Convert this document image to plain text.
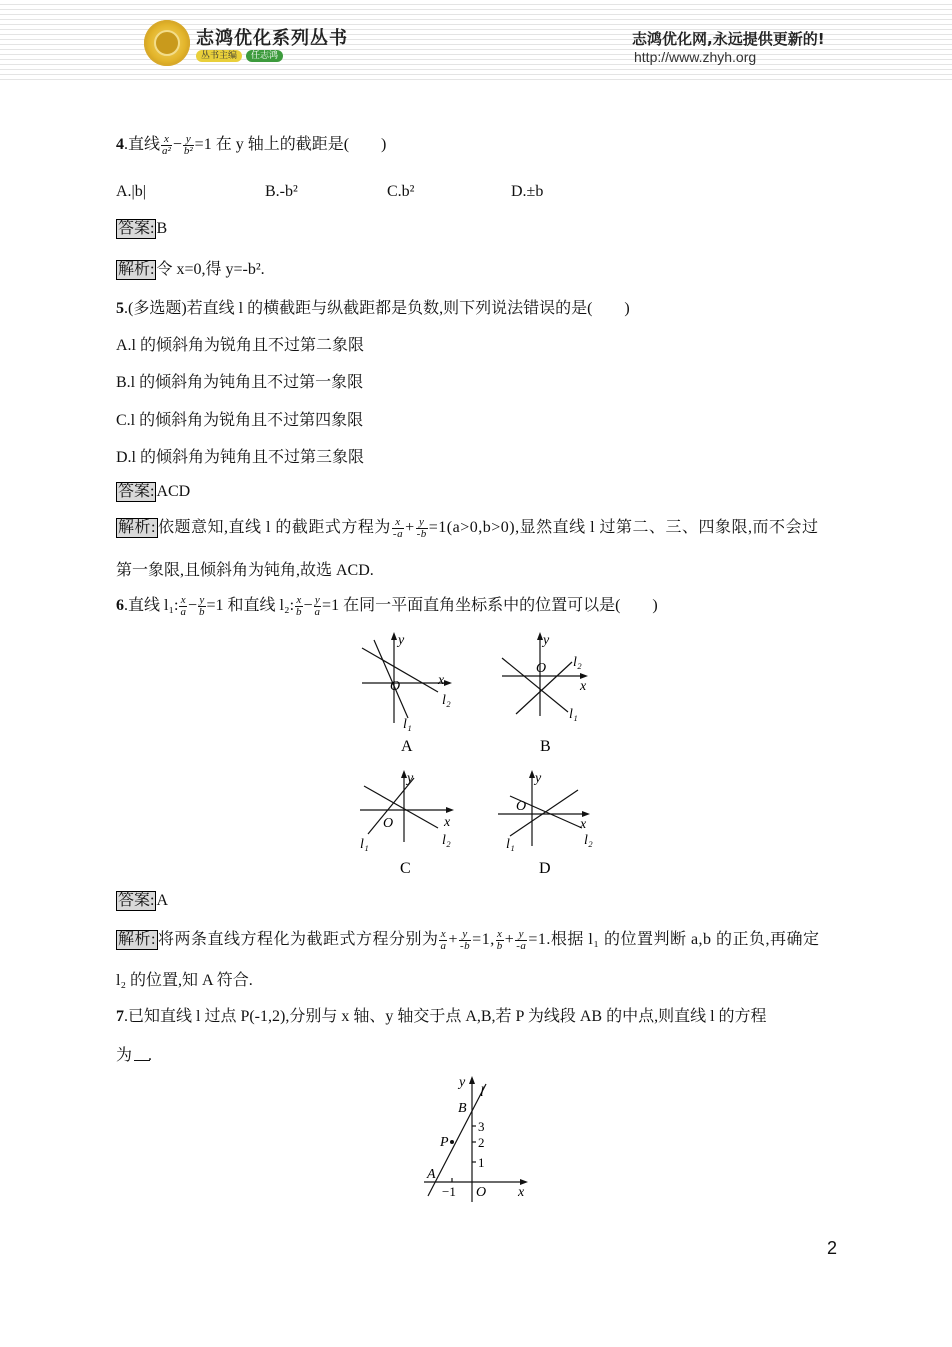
志鸿优化系列丛书
丛书主编	任志鸿
志鸿优化网,永远提供更新的!
http://www.zhyh.org
4.直线 $\frac{x}{\text{a²}} - \frac{y}{\text{b²}} =1$ 在 y 轴上的截距是(　　)
A.|b|	B.-b²	C.b²	D.±b
答案: B
解析: 令 x=0,得 y=-b².
5.(多选题)若直线 l 的横截距与纵截距都是负数,则下列说法错误的是(　　)
A.l 的倾斜角为锐角且不过第二象限
B.l 的倾斜角为钝角且不过第一象限
C.l 的倾斜角为锐角且不过第四象限
D.l 的倾斜角为钝角且不过第三象限
答案: ACD
解析: 依题意知,直线 l 的截距式方程为 $\frac{x}{-a} + \frac{y}{-b} =1(a>0,b>0)$,显然直线 l 过第二、三、四象限,而不会过
第一象限,且倾斜角为钝角,故选 ACD.
6.直线 l₁: $\frac{x}{a} - \frac{y}{b} =1$ 和直线 l₂: $\frac{x}{b} - \frac{y}{a} =1$ 在同一平面直角坐标系中的位置可以是(　　)
y
x
O
l₂
l₁
A
y
x
O l₂
l₁
B
y
x
O
l₂
l₁
C
y
x
O
l₂
l₁
D
答案: A
解析: 将两条直线方程化为截距式方程分别为 $\frac{x}{a} + \frac{y}{-b} =1$, $\frac{x}{b} + \frac{y}{-a} =1$.根据 l₁ 的位置判断 a,b 的正负,再确定
l₂ 的位置,知 A 符合.
7.已知直线 l 过点 P(-1,2),分别与 x 轴、y 轴交于点 A,B,若 P 为线段 AB 的中点,则直线 l 的方程
为　.
y
l
B
P
A
3
2
1
−1 O x
2
